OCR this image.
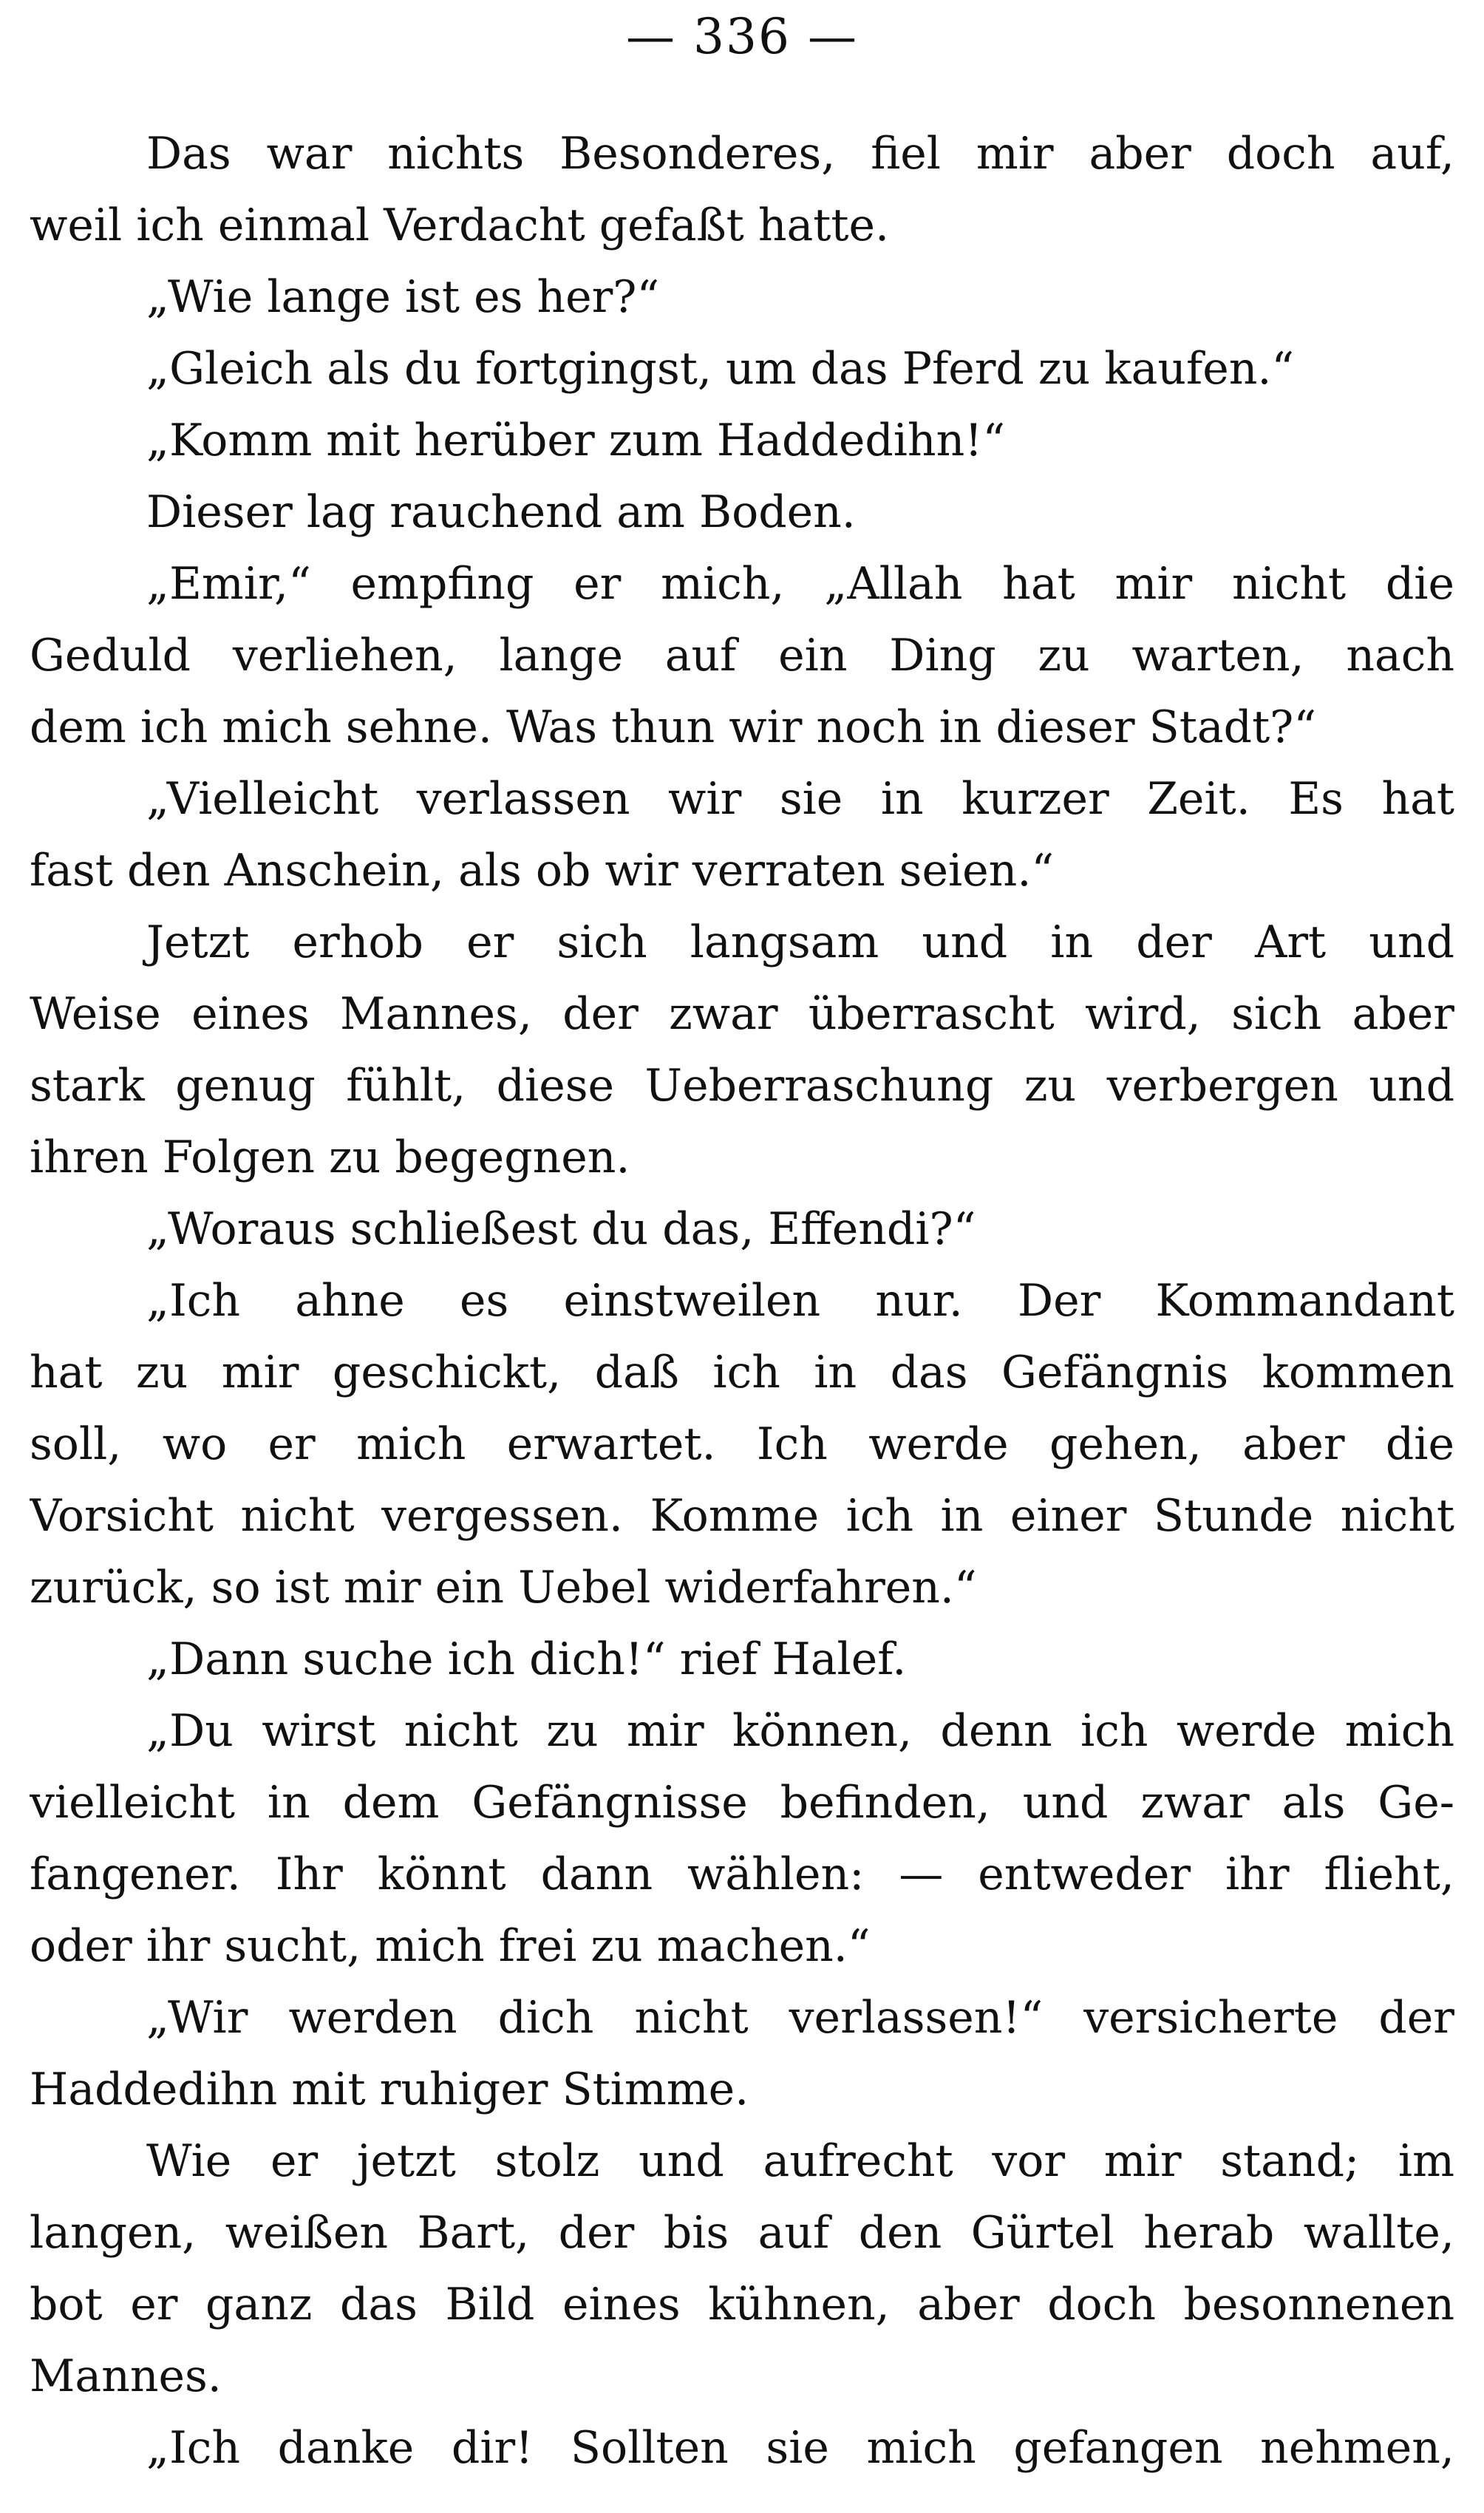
— 336 —
Das war nichts Besonderes, fiel mir aber doch auf,
weil ich einmal Verdacht gefaßt hatte.
„Wie lange ist es her?“
„Gleich als du fortgingst, um das Pferd zu kaufen.“
„Komm mit herüber zum Haddedihn!“
Dieser lag rauchend am Boden.
„Emir,“ empfing er mich, „Allah hat mir nicht die
Geduld verliehen, lange auf ein Ding zu warten, nach
dem ich mich sehne. Was thun wir noch in dieser Stadt?“
„Vielleicht verlassen wir sie in kurzer Zeit. Es hat
fast den Anschein, als ob wir verraten seien.“
Jetzt erhob er sich langsam und in der Art und
Weise eines Mannes, der zwar überrascht wird, sich aber
stark genug fühlt, diese Ueberraschung zu verbergen und
ihren Folgen zu begegnen.
„Woraus schließest du das, Effendi?“
„Ich ahne es einstweilen nur. Der Kommandant
hat zu mir geschickt, daß ich in das Gefängnis kommen
soll, wo er mich erwartet. Ich werde gehen, aber die
Vorsicht nicht vergessen. Komme ich in einer Stunde nicht
zurück, so ist mir ein Uebel widerfahren.“
„Dann suche ich dich!“ rief Halef.
„Du wirst nicht zu mir können, denn ich werde mich
vielleicht in dem Gefängnisse befinden, und zwar als Ge-
fangener. Ihr könnt dann wählen: — entweder ihr flieht,
oder ihr sucht, mich frei zu machen.“
„Wir werden dich nicht verlassen!“ versicherte der
Haddedihn mit ruhiger Stimme.
Wie er jetzt stolz und aufrecht vor mir stand; im
langen, weißen Bart, der bis auf den Gürtel herab wallte,
bot er ganz das Bild eines kühnen, aber doch besonnenen
Mannes.
„Ich danke dir! Sollten sie mich gefangen nehmen,
